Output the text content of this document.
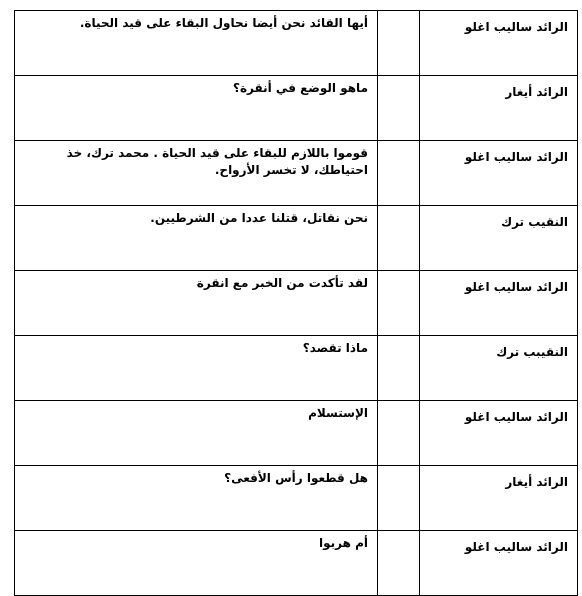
الرائد ساليب اغلو		أيها القائد نحن أيضا نحاول البقاء على قيد الحياة.

الرائد أيغار		ماهو الوضع في أنقرة؟

الرائد ساليب اغلو		قوموا باللازم للبقاء على قيد الحياة . محمد ترك، خذ احتياطك، لا تخسر الأرواح.

النقيب ترك		نحن نقاتل، قتلنا عددا من الشرطيين.

الرائد ساليب اغلو		لقد تأكدت من الخبر مع انقرة

النقيبب ترك		ماذا تقصد؟

الرائد ساليب اغلو		الإستسلام

الرائد أيغار		هل قطعوا رأس الأفعى؟

الرائد ساليب اغلو		أم هربوا
